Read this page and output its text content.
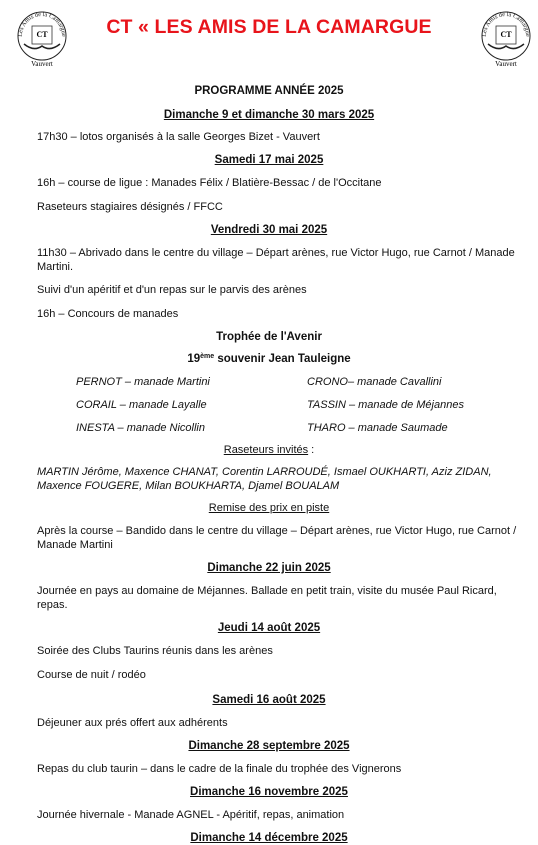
Les Amis de la Camargue
CT
Vauvert
Les Amis de la Camargue
CT
Vauvert
CT « LES AMIS DE LA CAMARGUE
PROGRAMME ANNÉE 2025
Dimanche 9 et dimanche 30 mars 2025
17h30 – lotos organisés à la salle Georges Bizet - Vauvert
Samedi 17 mai 2025
16h – course de ligue : Manades Félix / Blatière-Bessac / de l'Occitane
Raseteurs stagiaires désignés / FFCC
Vendredi 30 mai 2025
11h30 – Abrivado dans le centre du village – Départ arènes, rue Victor Hugo, rue Carnot / Manade Martini.
Suivi d'un apéritif et d'un repas sur le parvis des arènes
16h – Concours de manades
Trophée de l'Avenir
19ème souvenir Jean Tauleigne
PERNOT – manade Martini
CORAIL – manade Layalle
INESTA – manade Nicollin
CRONO– manade Cavallini
TASSIN – manade de Méjannes
THARO – manade Saumade
Raseteurs invités :
MARTIN Jérôme, Maxence CHANAT, Corentin LARROUDÉ, Ismael OUKHARTI, Aziz ZIDAN, Maxence FOUGERE, Milan BOUKHARTA, Djamel BOUALAM
Remise des prix en piste
Après la course – Bandido dans le centre du village – Départ arènes, rue Victor Hugo, rue Carnot / Manade Martini
Dimanche 22 juin 2025
Journée en pays au domaine de Méjannes. Ballade en petit train, visite du musée Paul Ricard, repas.
Jeudi 14 août 2025
Soirée des Clubs Taurins réunis dans les arènes
Course de nuit / rodéo
Samedi 16 août 2025
Déjeuner aux prés offert aux adhérents
Dimanche 28 septembre 2025
Repas du club taurin – dans le cadre de la finale du trophée des Vignerons
Dimanche 16 novembre 2025
Journée hivernale - Manade AGNEL - Apéritif, repas, animation
Dimanche 14 décembre 2025
